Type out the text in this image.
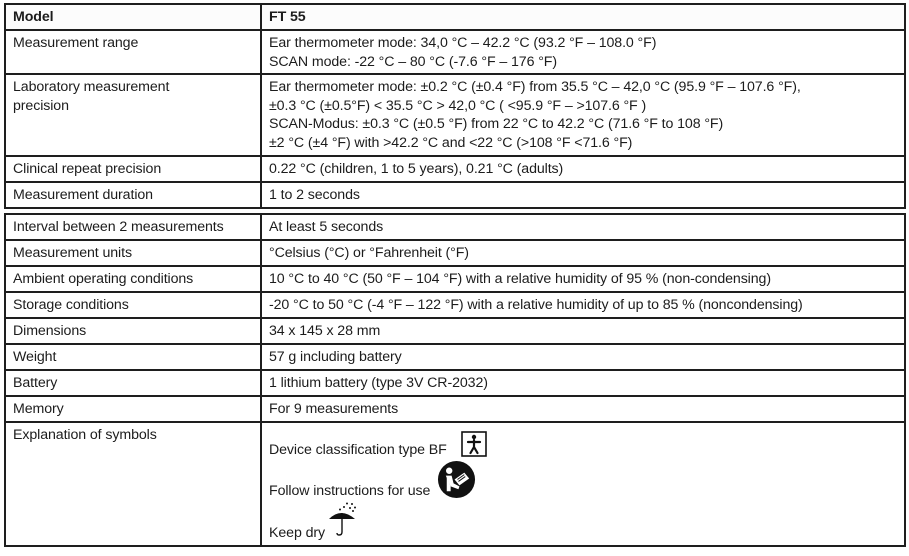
Model	FT 55
Measurement range	Ear thermometer mode: 34,0 °C – 42.2 °C (93.2 °F – 108.0 °F)
SCAN mode: -22 °C – 80 °C (-7.6 °F – 176 °F)

Laboratory measurement
precision	Ear thermometer mode: ±0.2 °C (±0.4 °F) from 35.5 °C – 42,0 °C (95.9 °F – 107.6 °F),
±0.3 °C (±0.5°F) < 35.5 °C > 42,0 °C ( <95.9 °F – >107.6 °F )
SCAN-Modus: ±0.3 °C (±0.5 °F) from 22 °C to 42.2 °C (71.6 °F to 108 °F)
±2 °C (±4 °F) with >42.2 °C and <22 °C (>108 °F <71.6 °F)

Clinical repeat precision	0.22 °C (children, 1 to 5 years), 0.21 °C (adults)
Measurement duration	1 to 2 seconds
Interval between 2 measurements	At least 5 seconds
Measurement units	°Celsius (°C) or °Fahrenheit (°F)
Ambient operating conditions	10 °C to 40 °C (50 °F – 104 °F) with a relative humidity of 95 % (non-condensing)
Storage conditions	-20 °C to 50 °C (-4 °F – 122 °F) with a relative humidity of up to 85 % (noncondensing)
Dimensions	34 x 145 x 28 mm
Weight	57 g including battery
Battery	1 lithium battery (type 3V CR-2032)
Memory	For 9 measurements
Explanation of symbols	Device classification type BF
Follow instructions for use
Keep dry
